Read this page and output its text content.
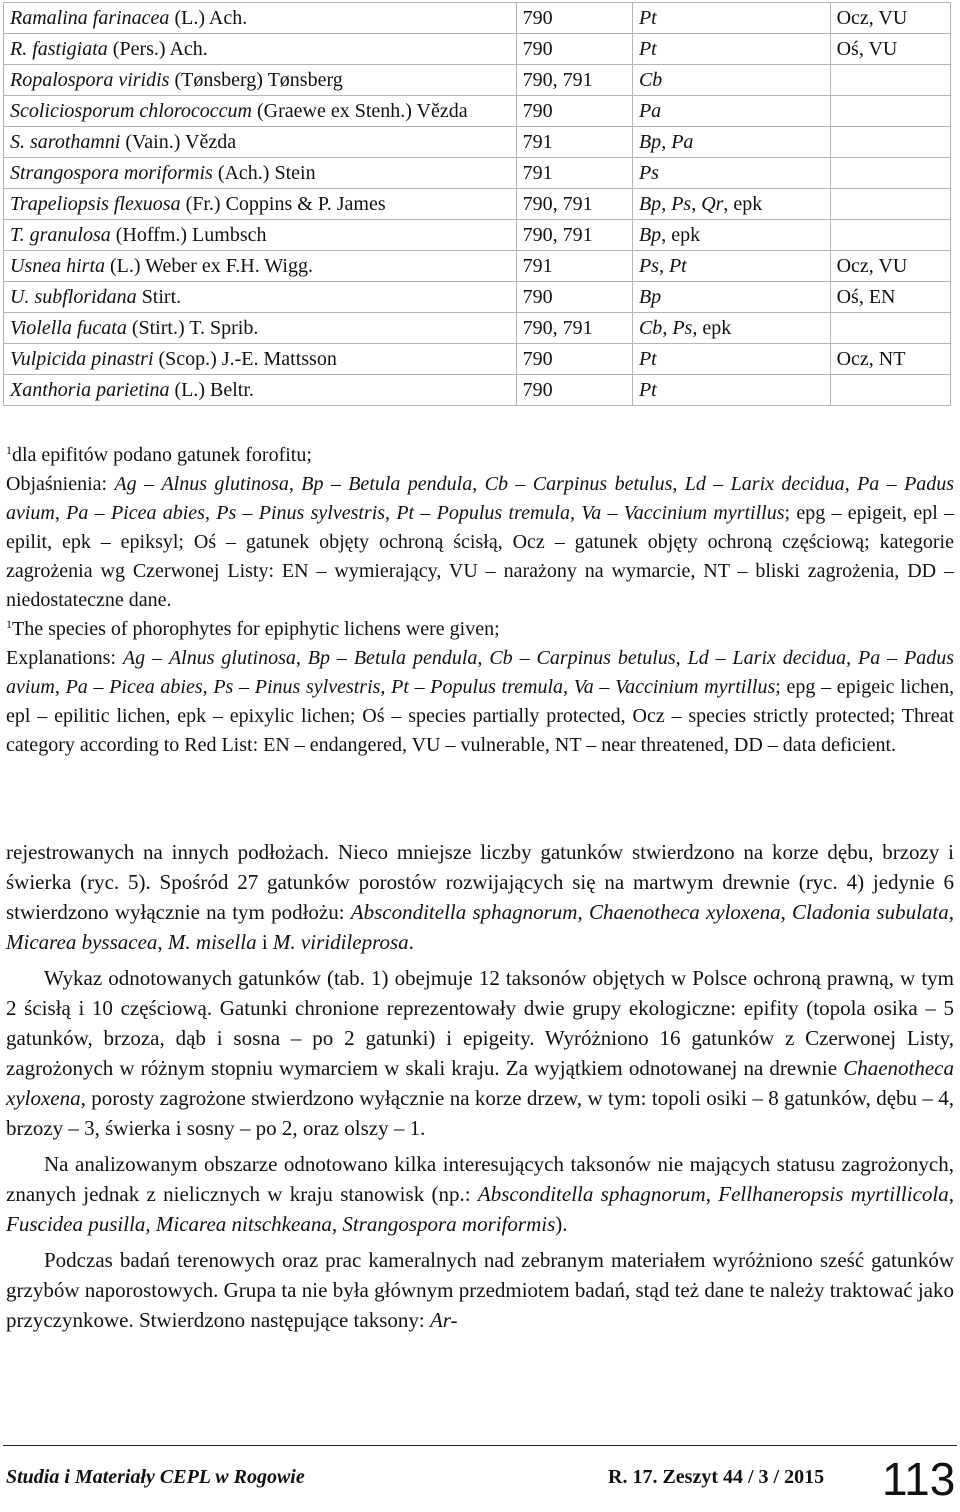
Ramalina farinacea (L.) Ach.	790	Pt	Ocz, VU
R. fastigiata (Pers.) Ach.	790	Pt	Oś, VU
Ropalospora viridis (Tønsberg) Tønsberg	790, 791	Cb	
Scoliciosporum chlorococcum (Graewe ex Stenh.) Vězda	790	Pa	
S. sarothamni (Vain.) Vězda	791	Bp, Pa	
Strangospora moriformis (Ach.) Stein	791	Ps	
Trapeliopsis flexuosa (Fr.) Coppins & P. James	790, 791	Bp, Ps, Qr, epk	
T. granulosa (Hoffm.) Lumbsch	790, 791	Bp, epk	
Usnea hirta (L.) Weber ex F.H. Wigg.	791	Ps, Pt	Ocz, VU
U. subfloridana Stirt.	790	Bp	Oś, EN
Violella fucata (Stirt.) T. Sprib.	790, 791	Cb, Ps, epk	
Vulpicida pinastri (Scop.) J.-E. Mattsson	790	Pt	Ocz, NT
Xanthoria parietina (L.) Beltr.	790	Pt	

$^1$dla epifitów podano gatunek forofitu;

Objaśnienia: Ag – Alnus glutinosa, Bp – Betula pendula, Cb – Carpinus betulus, Ld – Larix decidua, Pa – Padus avium, Pa – Picea abies, Ps – Pinus sylvestris, Pt – Populus tremula, Va – Vaccinium myrtillus; epg – epigeit, epl – epilit, epk – epiksyl; Oś – gatunek objęty ochroną ścisłą, Ocz – gatunek objęty ochroną częściową; kategorie zagrożenia wg Czerwonej Listy: EN – wymierający, VU – narażony na wymarcie, NT – bliski zagrożenia, DD – niedostateczne dane.

$^1$The species of phorophytes for epiphytic lichens were given;

Explanations: Ag – Alnus glutinosa, Bp – Betula pendula, Cb – Carpinus betulus, Ld – Larix decidua, Pa – Padus avium, Pa – Picea abies, Ps – Pinus sylvestris, Pt – Populus tremula, Va – Vaccinium myrtillus; epg – epigeic lichen, epl – epilitic lichen, epk – epixylic lichen; Oś – species partially protected, Ocz – species strictly protected; Threat category according to Red List: EN – endangered, VU – vulnerable, NT – near threatened, DD – data deficient.

rejestrowanych na innych podłożach. Nieco mniejsze liczby gatunków stwierdzono na korze dębu, brzozy i świerka (ryc. 5). Spośród 27 gatunków porostów rozwijających się na martwym drewnie (ryc. 4) jedynie 6 stwierdzono wyłącznie na tym podłożu: Absconditella sphagnorum, Chaenotheca xyloxena, Cladonia subulata, Micarea byssacea, M. misella i M. viridileprosa.

Wykaz odnotowanych gatunków (tab. 1) obejmuje 12 taksonów objętych w Polsce ochroną prawną, w tym 2 ścisłą i 10 częściową. Gatunki chronione reprezentowały dwie grupy ekologiczne: epifity (topola osika – 5 gatunków, brzoza, dąb i sosna – po 2 gatunki) i epigeity. Wyróżniono 16 gatunków z Czerwonej Listy, zagrożonych w różnym stopniu wymarciem w skali kraju. Za wyjątkiem odnotowanej na drewnie Chaenotheca xyloxena, porosty zagrożone stwierdzono wyłącznie na korze drzew, w tym: topoli osiki – 8 gatunków, dębu – 4, brzozy – 3, świerka i sosny – po 2, oraz olszy – 1.

Na analizowanym obszarze odnotowano kilka interesujących taksonów nie mających statusu zagrożonych, znanych jednak z nielicznych w kraju stanowisk (np.: Absconditella sphagnorum, Fellhaneropsis myrtillicola, Fuscidea pusilla, Micarea nitschkeana, Strangospora moriformis).

Podczas badań terenowych oraz prac kameralnych nad zebranym materiałem wyróżniono sześć gatunków grzybów naporostowych. Grupa ta nie była głównym przedmiotem badań, stąd też dane te należy traktować jako przyczynkowe. Stwierdzono następujące taksony: Ar-

Studia i Materiały CEPL w Rogowie	R. 17. Zeszyt 44 / 3 / 2015 113
